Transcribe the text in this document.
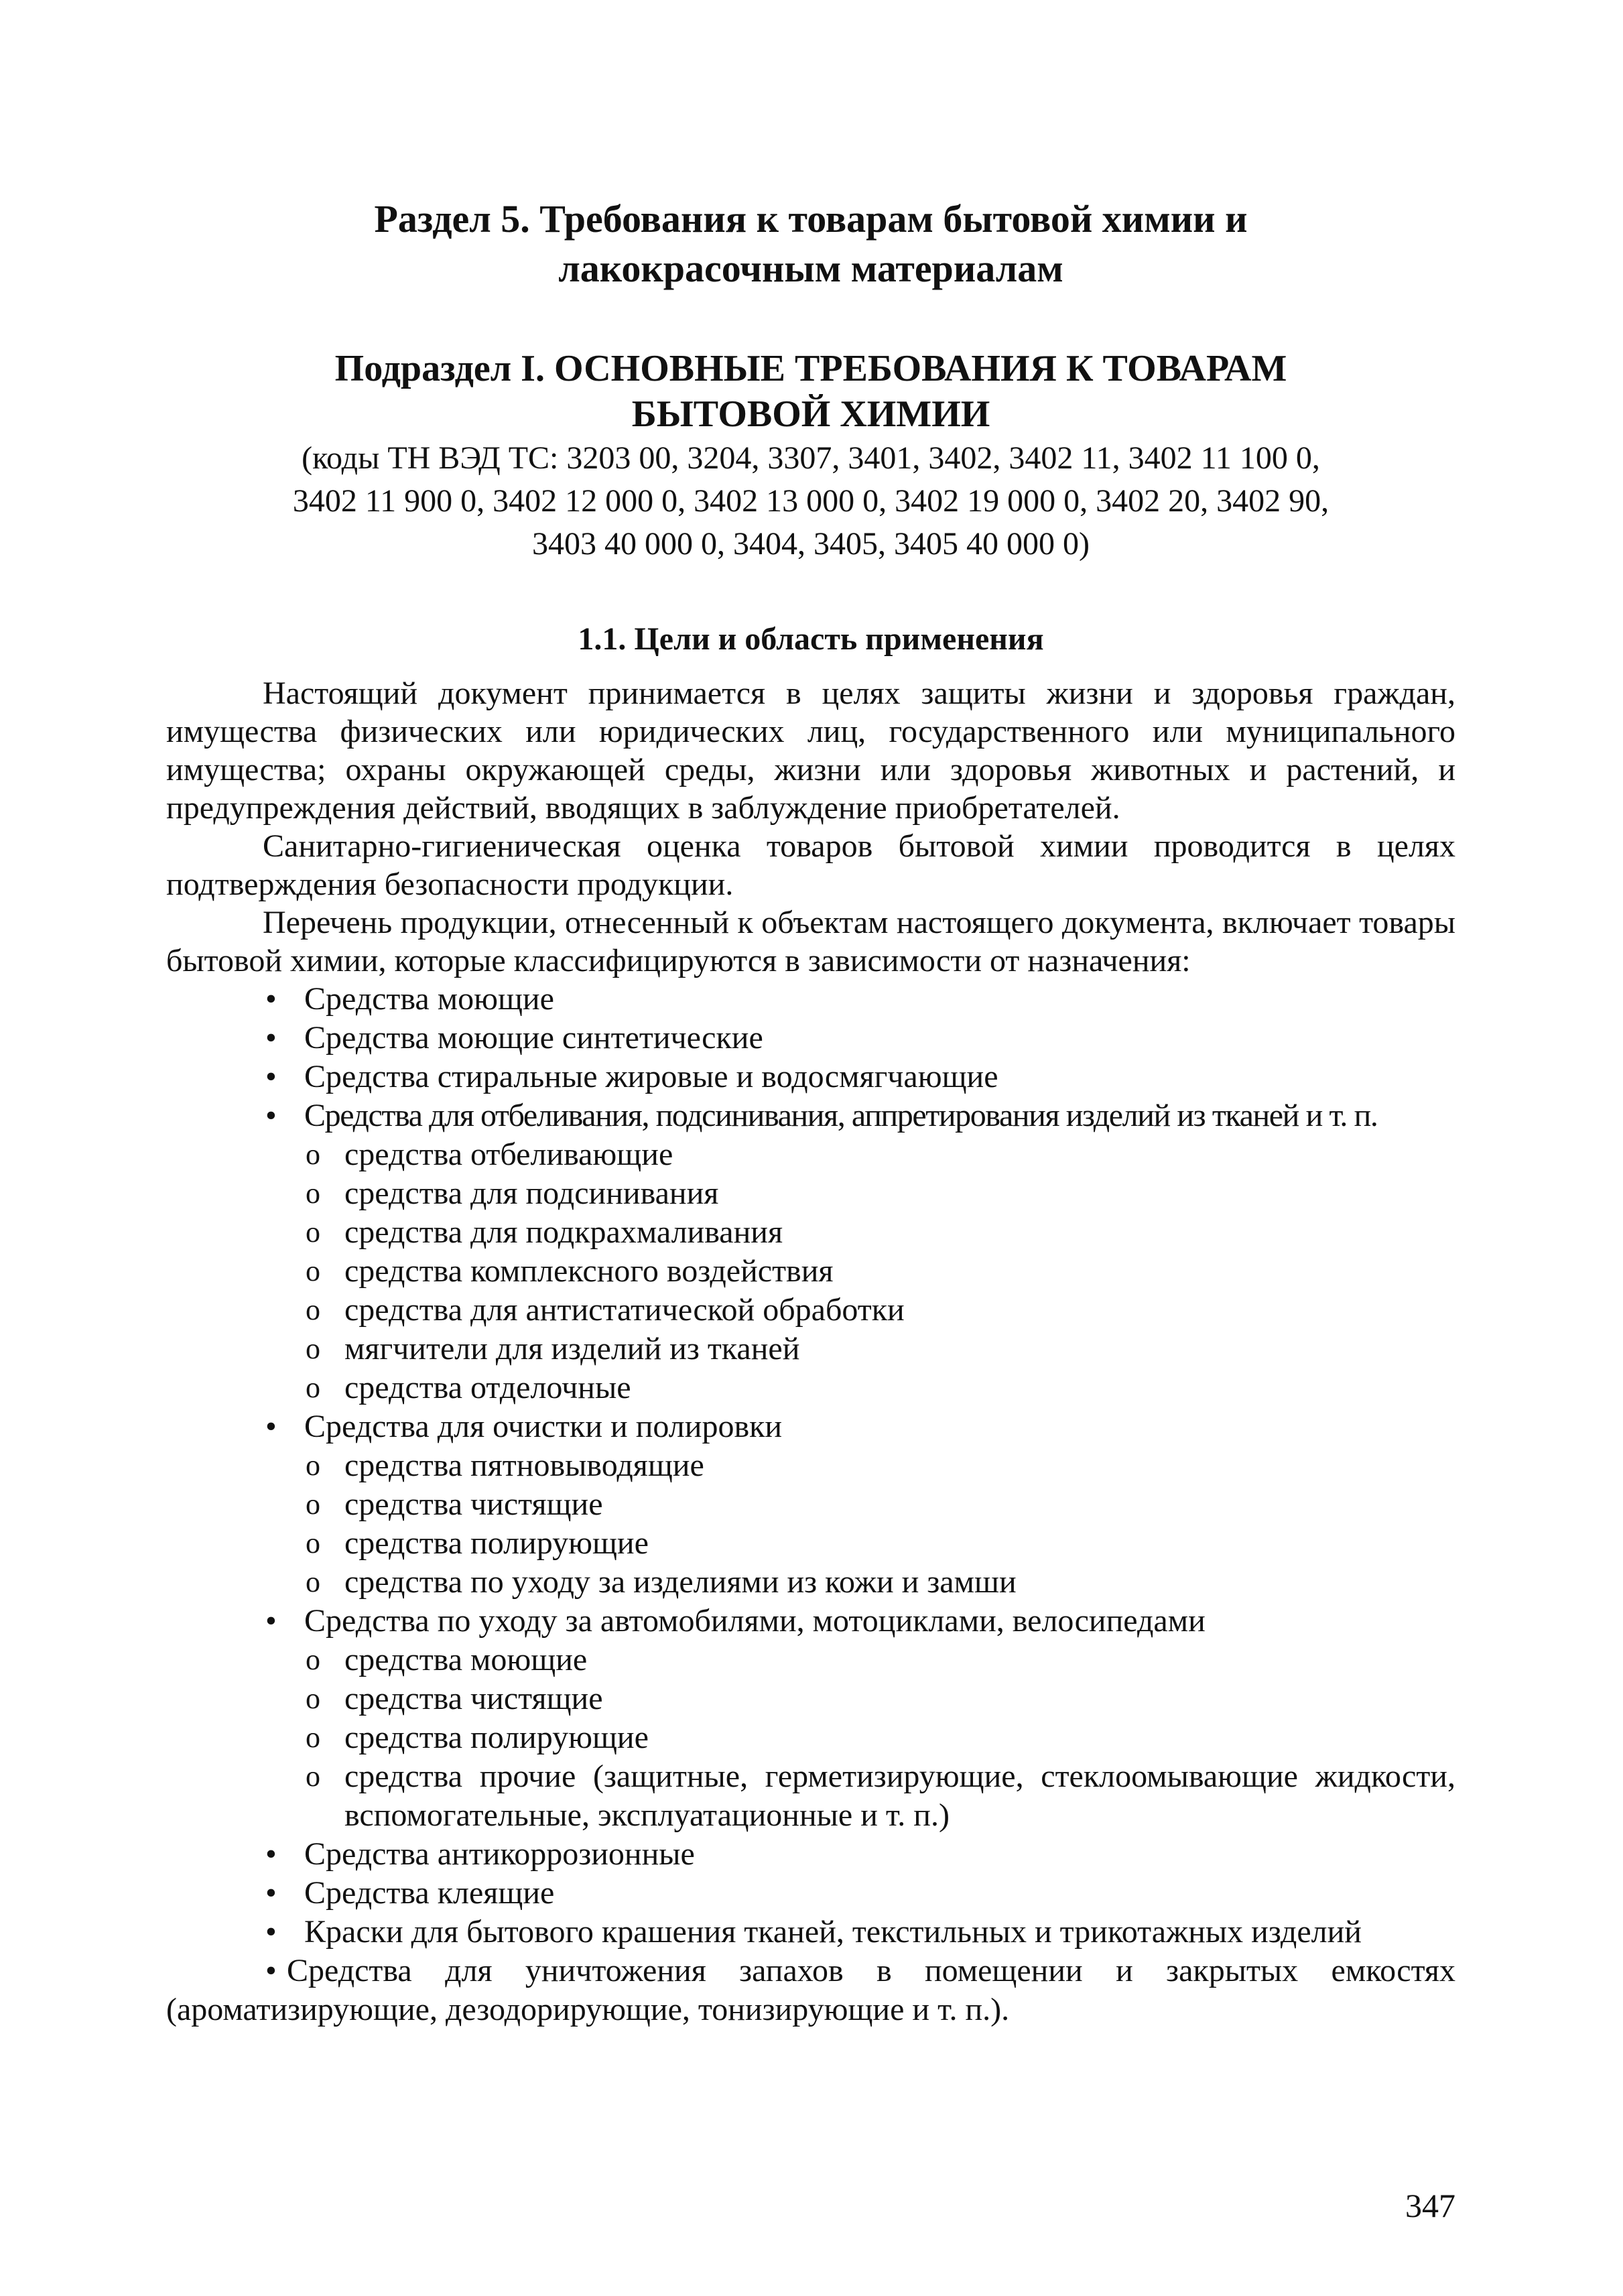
Раздел 5. Требования к товарам бытовой химии и
лакокрасочным материалам
Подраздел I. ОСНОВНЫЕ ТРЕБОВАНИЯ К ТОВАРАМ
БЫТОВОЙ ХИМИИ
(коды ТН ВЭД ТС: 3203 00, 3204, 3307, 3401, 3402, 3402 11, 3402 11 100 0,
3402 11 900 0, 3402 12 000 0, 3402 13 000 0, 3402 19 000 0, 3402 20, 3402 90,
3403 40 000 0, 3404, 3405, 3405 40 000 0)
1.1. Цели и область применения

Настоящий документ принимается в целях защиты жизни и здоровья граждан, имущества физических или юридических лиц, государственного или муниципального имущества; охраны окружающей среды, жизни или здоровья животных и растений, и предупреждения действий, вводящих в заблуждение приобретателей.

Санитарно-гигиеническая оценка товаров бытовой химии проводится в целях подтверждения безопасности продукции.

Перечень продукции, отнесенный к объектам настоящего документа, включает товары бытовой химии, которые классифицируются в зависимости от назначения:

• Средства моющие
• Средства моющие синтетические
• Средства стиральные жировые и водосмягчающие
• Средства для отбеливания, подсинивания, аппретирования изделий из тканей и т. п.
o средства отбеливающие
o средства для подсинивания
o средства для подкрахмаливания
o средства комплексного воздействия
o средства для антистатической обработки
o мягчители для изделий из тканей
o средства отделочные
• Средства для очистки и полировки
o средства пятновыводящие
o средства чистящие
o средства полирующие
o средства по уходу за изделиями из кожи и замши
• Средства по уходу за автомобилями, мотоциклами, велосипедами
o средства моющие
o средства чистящие
o средства полирующие
o средства прочие (защитные, герметизирующие, стеклоомывающие жидкости, вспомогательные, эксплуатационные и т. п.)
• Средства антикоррозионные
• Средства клеящие
• Краски для бытового крашения тканей, текстильных и трикотажных изделий

• Средства для уничтожения запахов в помещении и закрытых емкостях (ароматизирующие, дезодорирующие, тонизирующие и т. п.).

347
